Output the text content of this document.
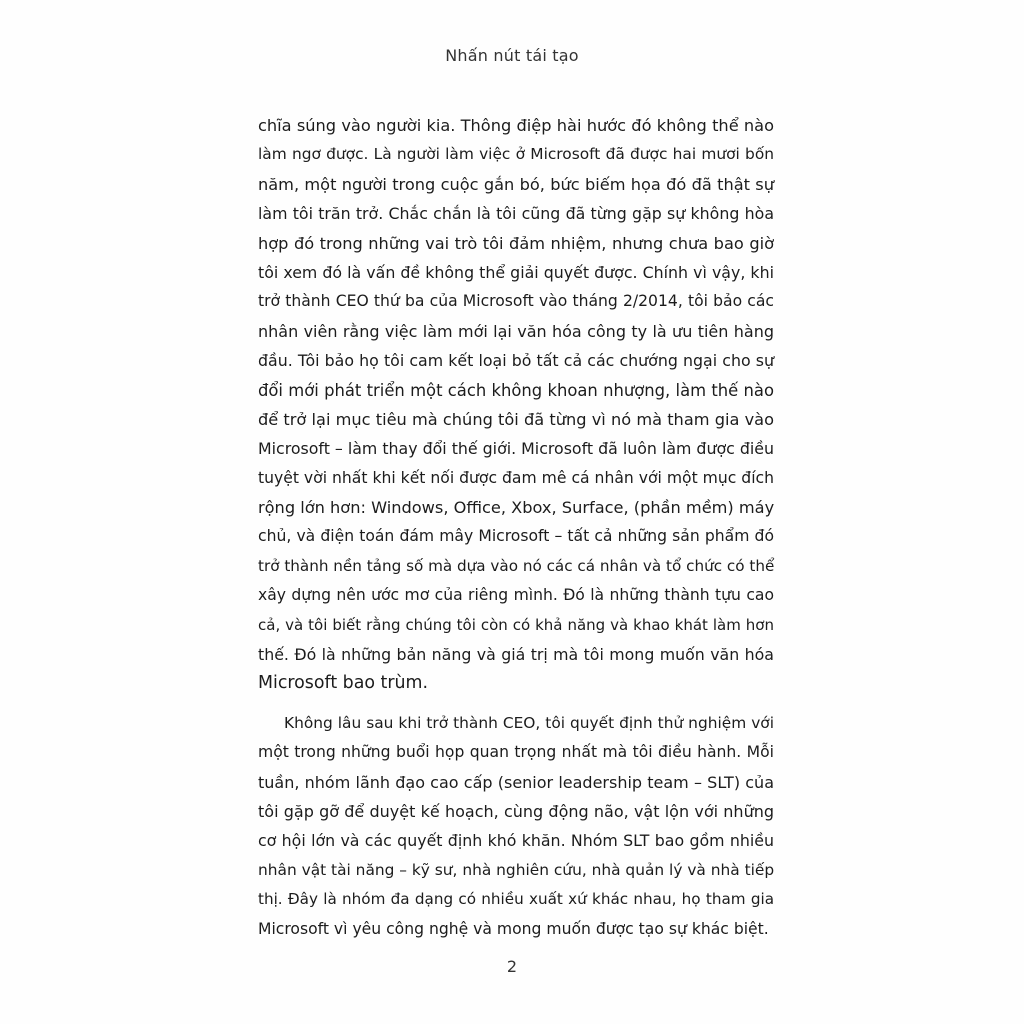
Nhấn nút tái tạo
chĩa súng vào người kia. Thông điệp hài hước đó không thể nào
làm ngơ được. Là người làm việc ở Microsoft đã được hai mươi bốn
năm, một người trong cuộc gắn bó, bức biếm họa đó đã thật sự
làm tôi trăn trở. Chắc chắn là tôi cũng đã từng gặp sự không hòa
hợp đó trong những vai trò tôi đảm nhiệm, nhưng chưa bao giờ
tôi xem đó là vấn đề không thể giải quyết được. Chính vì vậy, khi
trở thành CEO thứ ba của Microsoft vào tháng 2/2014, tôi bảo các
nhân viên rằng việc làm mới lại văn hóa công ty là ưu tiên hàng
đầu. Tôi bảo họ tôi cam kết loại bỏ tất cả các chướng ngại cho sự
đổi mới phát triển một cách không khoan nhượng, làm thế nào
để trở lại mục tiêu mà chúng tôi đã từng vì nó mà tham gia vào
Microsoft – làm thay đổi thế giới. Microsoft đã luôn làm được điều
tuyệt vời nhất khi kết nối được đam mê cá nhân với một mục đích
rộng lớn hơn: Windows, Office, Xbox, Surface, (phần mềm) máy
chủ, và điện toán đám mây Microsoft – tất cả những sản phẩm đó
trở thành nền tảng số mà dựa vào nó các cá nhân và tổ chức có thể
xây dựng nên ước mơ của riêng mình. Đó là những thành tựu cao
cả, và tôi biết rằng chúng tôi còn có khả năng và khao khát làm hơn
thế. Đó là những bản năng và giá trị mà tôi mong muốn văn hóa
Microsoft bao trùm.
Không lâu sau khi trở thành CEO, tôi quyết định thử nghiệm với
một trong những buổi họp quan trọng nhất mà tôi điều hành. Mỗi
tuần, nhóm lãnh đạo cao cấp (senior leadership team – SLT) của
tôi gặp gỡ để duyệt kế hoạch, cùng động não, vật lộn với những
cơ hội lớn và các quyết định khó khăn. Nhóm SLT bao gồm nhiều
nhân vật tài năng – kỹ sư, nhà nghiên cứu, nhà quản lý và nhà tiếp
thị. Đây là nhóm đa dạng có nhiều xuất xứ khác nhau, họ tham gia
Microsoft vì yêu công nghệ và mong muốn được tạo sự khác biệt.
2
